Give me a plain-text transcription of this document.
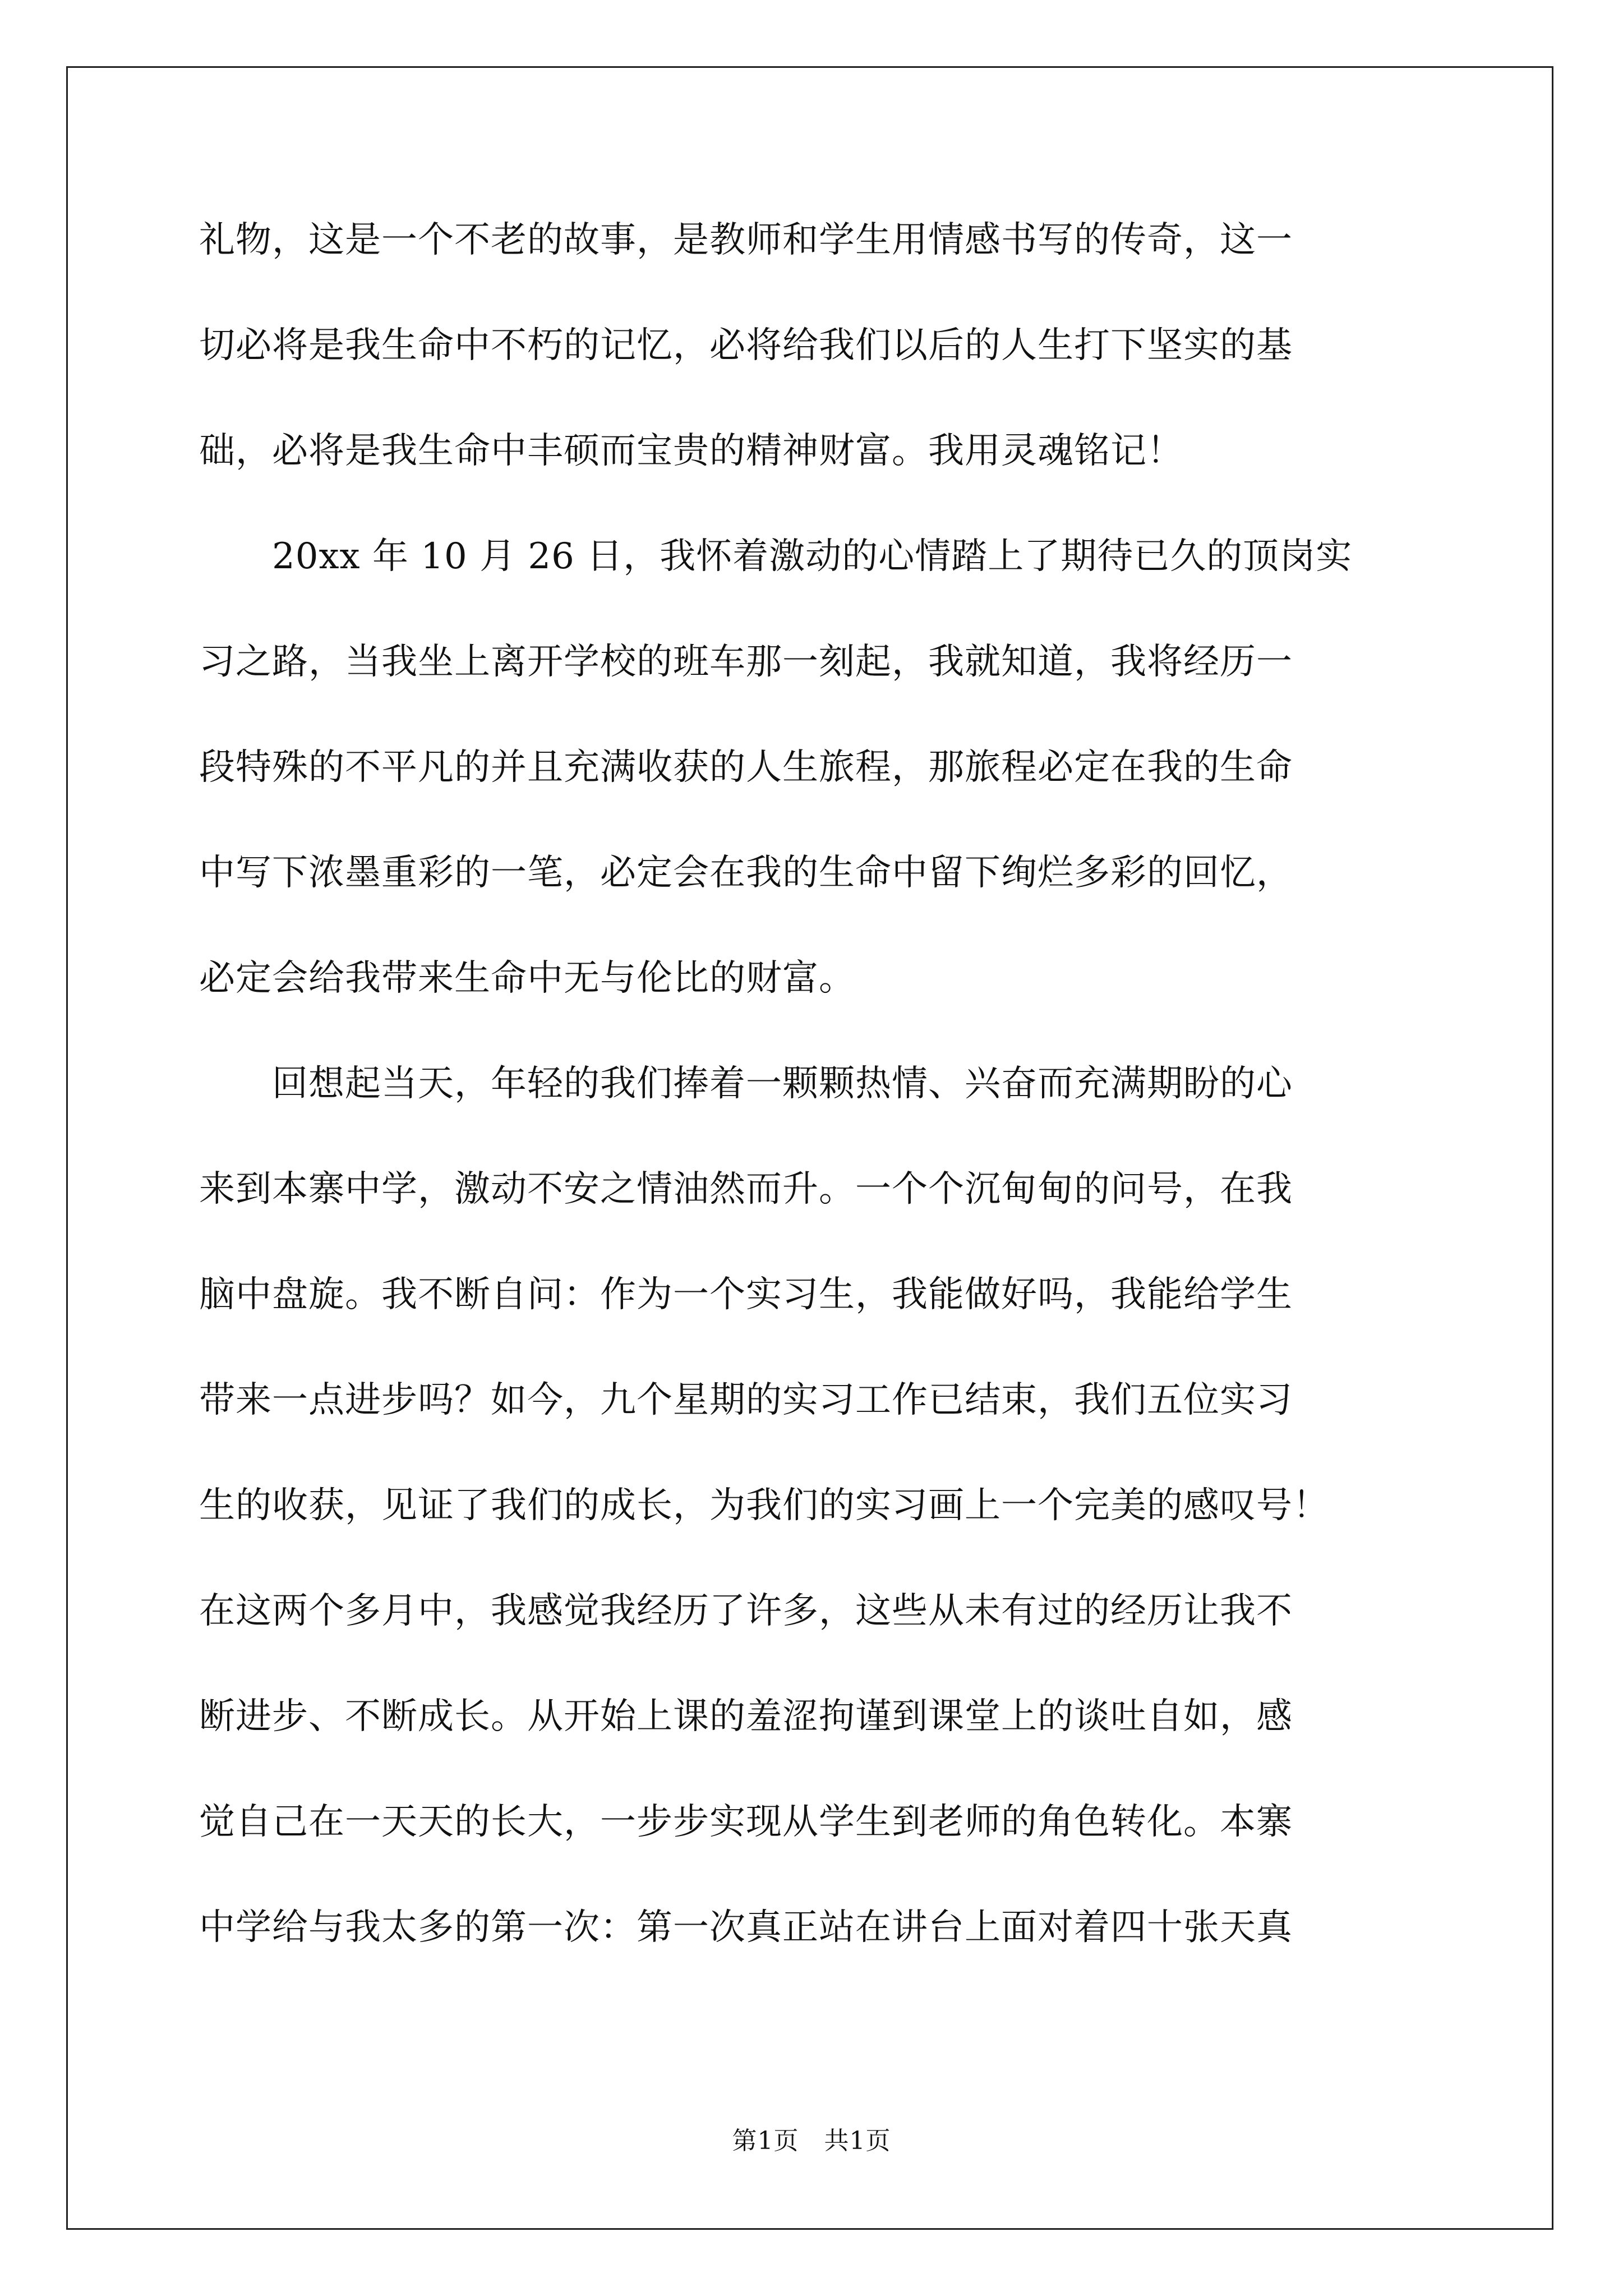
礼物，这是一个不老的故事，是教师和学生用情感书写的传奇，这一
切必将是我生命中不朽的记忆，必将给我们以后的人生打下坚实的基
础，必将是我生命中丰硕而宝贵的精神财富。我用灵魂铭记！
20xx 年 10 月 26 日，我怀着激动的心情踏上了期待已久的顶岗实
习之路，当我坐上离开学校的班车那一刻起，我就知道，我将经历一
段特殊的不平凡的并且充满收获的人生旅程，那旅程必定在我的生命
中写下浓墨重彩的一笔，必定会在我的生命中留下绚烂多彩的回忆，
必定会给我带来生命中无与伦比的财富。
回想起当天，年轻的我们捧着一颗颗热情、兴奋而充满期盼的心
来到本寨中学，激动不安之情油然而升。一个个沉甸甸的问号，在我
脑中盘旋。我不断自问：作为一个实习生，我能做好吗，我能给学生
带来一点进步吗？如今，九个星期的实习工作已结束，我们五位实习
生的收获，见证了我们的成长，为我们的实习画上一个完美的感叹号！
在这两个多月中，我感觉我经历了许多，这些从未有过的经历让我不
断进步、不断成长。从开始上课的羞涩拘谨到课堂上的谈吐自如，感
觉自己在一天天的长大，一步步实现从学生到老师的角色转化。本寨
中学给与我太多的第一次：第一次真正站在讲台上面对着四十张天真
第1页　共1页
